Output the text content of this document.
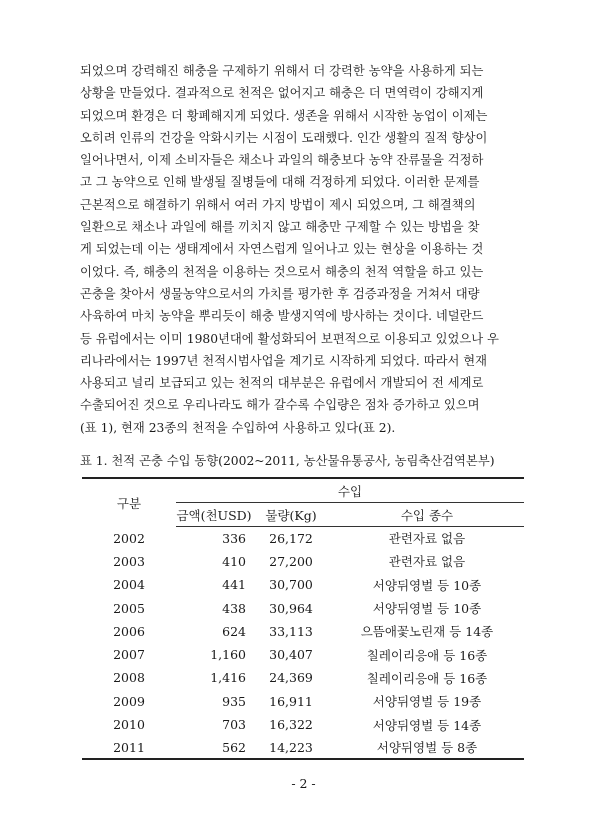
되었으며 강력해진 해충을 구제하기 위해서 더 강력한 농약을 사용하게 되는
상황을 만들었다. 결과적으로 천적은 없어지고 해충은 더 면역력이 강해지게
되었으며 환경은 더 황폐해지게 되었다. 생존을 위해서 시작한 농업이 이제는
오히려 인류의 건강을 악화시키는 시점이 도래했다. 인간 생활의 질적 향상이
일어나면서, 이제 소비자들은 채소나 과일의 해충보다 농약 잔류물을 걱정하
고 그 농약으로 인해 발생될 질병들에 대해 걱정하게 되었다. 이러한 문제를
근본적으로 해결하기 위해서 여러 가지 방법이 제시 되었으며, 그 해결책의
일환으로 채소나 과일에 해를 끼치지 않고 해충만 구제할 수 있는 방법을 찾
게 되었는데 이는 생태계에서 자연스럽게 일어나고 있는 현상을 이용하는 것
이었다. 즉, 해충의 천적을 이용하는 것으로서 해충의 천적 역할을 하고 있는
곤충을 찾아서 생물농약으로서의 가치를 평가한 후 검증과정을 거쳐서 대량
사육하여 마치 농약을 뿌리듯이 해충 발생지역에 방사하는 것이다. 네덜란드
등 유럽에서는 이미 1980년대에 활성화되어 보편적으로 이용되고 있었으나 우
리나라에서는 1997년 천적시범사업을 계기로 시작하게 되었다. 따라서 현재
사용되고 널리 보급되고 있는 천적의 대부분은 유럽에서 개발되어 전 세계로
수출되어진 것으로 우리나라도 해가 갈수록 수입량은 점차 증가하고 있으며
(표 1), 현재 23종의 천적을 수입하여 사용하고 있다(표 2).

표 1. 천적 곤충 수입 동향(2002~2011, 농산물유통공사, 농림축산검역본부)

구분	수입		
	금액(천USD)	물량(Kg)	수입 종수
2002	336	26,172	관련자료 없음
2003	410	27,200	관련자료 없음
2004	441	30,700	서양뒤영벌 등 10종
2005	438	30,964	서양뒤영벌 등 10종
2006	624	33,113	으뜸애꽃노린재 등 14종
2007	1,160	30,407	칠레이리응애 등 16종
2008	1,416	24,369	칠레이리응애 등 16종
2009	935	16,911	서양뒤영벌 등 19종
2010	703	16,322	서양뒤영벌 등 14종
2011	562	14,223	서양뒤영벌 등 8종
- 2 -
